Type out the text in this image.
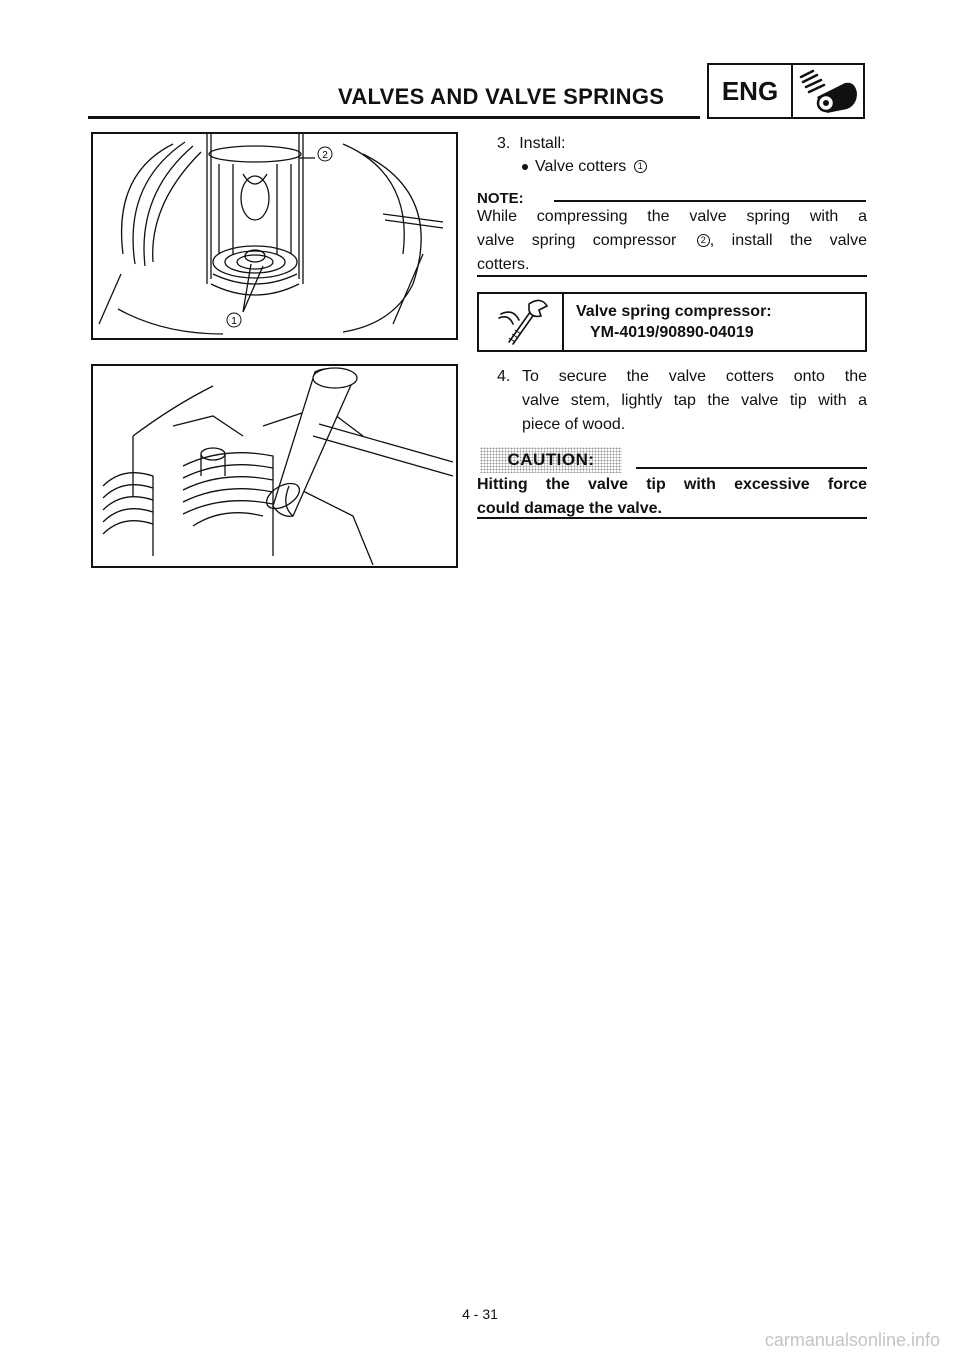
VALVES AND VALVE SPRINGS	ENG
1
2
3. Install:
Valve cotters 1
NOTE:
While compressing the valve spring with a
valve spring compressor	2 , install the valve
cotters.
Valve spring compressor:
YM-4019/90890-04019
4. To secure the valve cotters onto the
valve stem, lightly tap the valve tip with a
piece of wood.
CAUTION:
Hitting the valve tip with excessive force
could damage the valve.
4 - 31
carmanualsonline.info
